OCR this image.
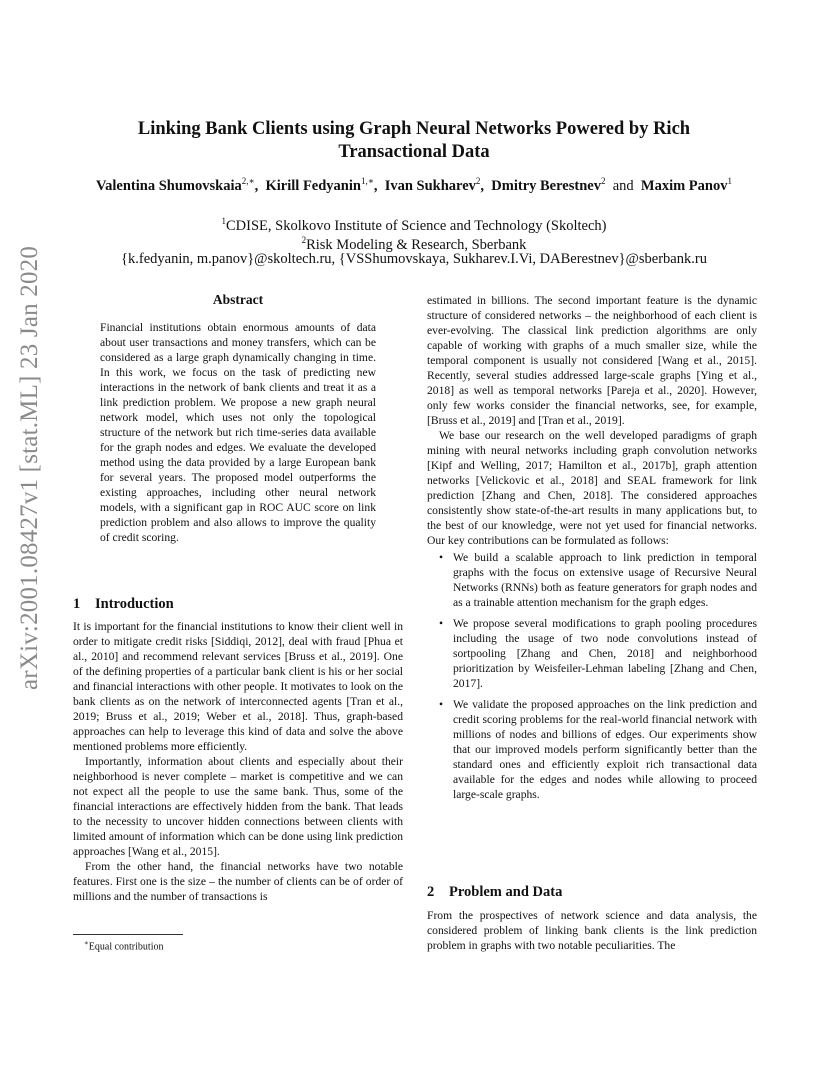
arXiv:2001.08427v1 [stat.ML] 23 Jan 2020
Linking Bank Clients using Graph Neural Networks Powered by Rich Transactional Data
Valentina Shumovskaia$^{2,∗}$,  Kirill Fedyanin$^{1,∗}$,  Ivan Sukharev$^2$,  Dmitry Berestnev$^2$ and Maxim Panov$^1$
$^1$CDISE, Skolkovo Institute of Science and Technology (Skoltech)
$^2$Risk Modeling & Research, Sberbank
{k.fedyanin, m.panov}@skoltech.ru, {VSShumovskaya, Sukharev.I.Vi, DABerestnev}@sberbank.ru
Abstract
Financial institutions obtain enormous amounts of data about user transactions and money transfers, which can be considered as a large graph dynamically changing in time. In this work, we focus on the task of predicting new interactions in the network of bank clients and treat it as a link prediction problem. We propose a new graph neural network model, which uses not only the topological structure of the network but rich time-series data available for the graph nodes and edges. We evaluate the developed method using the data provided by a large European bank for several years. The proposed model outperforms the existing approaches, including other neural network models, with a significant gap in ROC AUC score on link prediction problem and also allows to improve the quality of credit scoring.
1 Introduction

It is important for the financial institutions to know their client well in order to mitigate credit risks [Siddiqi, 2012], deal with fraud [Phua et al., 2010] and recommend relevant services [Bruss et al., 2019]. One of the defining properties of a particular bank client is his or her social and financial interactions with other people. It motivates to look on the bank clients as on the network of interconnected agents [Tran et al., 2019; Bruss et al., 2019; Weber et al., 2018]. Thus, graph-based approaches can help to leverage this kind of data and solve the above mentioned problems more efficiently.

Importantly, information about clients and especially about their neighborhood is never complete – market is competitive and we can not expect all the people to use the same bank. Thus, some of the financial interactions are effectively hidden from the bank. That leads to the necessity to uncover hidden connections between clients with limited amount of information which can be done using link prediction approaches [Wang et al., 2015].

From the other hand, the financial networks have two notable features. First one is the size – the number of clients can be of order of millions and the number of transactions is

estimated in billions. The second important feature is the dynamic structure of considered networks – the neighborhood of each client is ever-evolving. The classical link prediction algorithms are only capable of working with graphs of a much smaller size, while the temporal component is usually not considered [Wang et al., 2015]. Recently, several studies addressed large-scale graphs [Ying et al., 2018] as well as temporal networks [Pareja et al., 2020]. However, only few works consider the financial networks, see, for example, [Bruss et al., 2019] and [Tran et al., 2019].

We base our research on the well developed paradigms of graph mining with neural networks including graph convolution networks [Kipf and Welling, 2017; Hamilton et al., 2017b], graph attention networks [Velickovic et al., 2018] and SEAL framework for link prediction [Zhang and Chen, 2018]. The considered approaches consistently show state-of-the-art results in many applications but, to the best of our knowledge, were not yet used for financial networks. Our key contributions can be formulated as follows:

• We build a scalable approach to link prediction in temporal graphs with the focus on extensive usage of Recursive Neural Networks (RNNs) both as feature generators for graph nodes and as a trainable attention mechanism for the graph edges.
• We propose several modifications to graph pooling procedures including the usage of two node convolutions instead of sortpooling [Zhang and Chen, 2018] and neighborhood prioritization by Weisfeiler-Lehman labeling [Zhang and Chen, 2017].
• We validate the proposed approaches on the link prediction and credit scoring problems for the real-world financial network with millions of nodes and billions of edges. Our experiments show that our improved models perform significantly better than the standard ones and efficiently exploit rich transactional data available for the edges and nodes while allowing to proceed large-scale graphs.
2 Problem and Data

From the prospectives of network science and data analysis, the considered problem of linking bank clients is the link prediction problem in graphs with two notable peculiarities. The

∗Equal contribution
